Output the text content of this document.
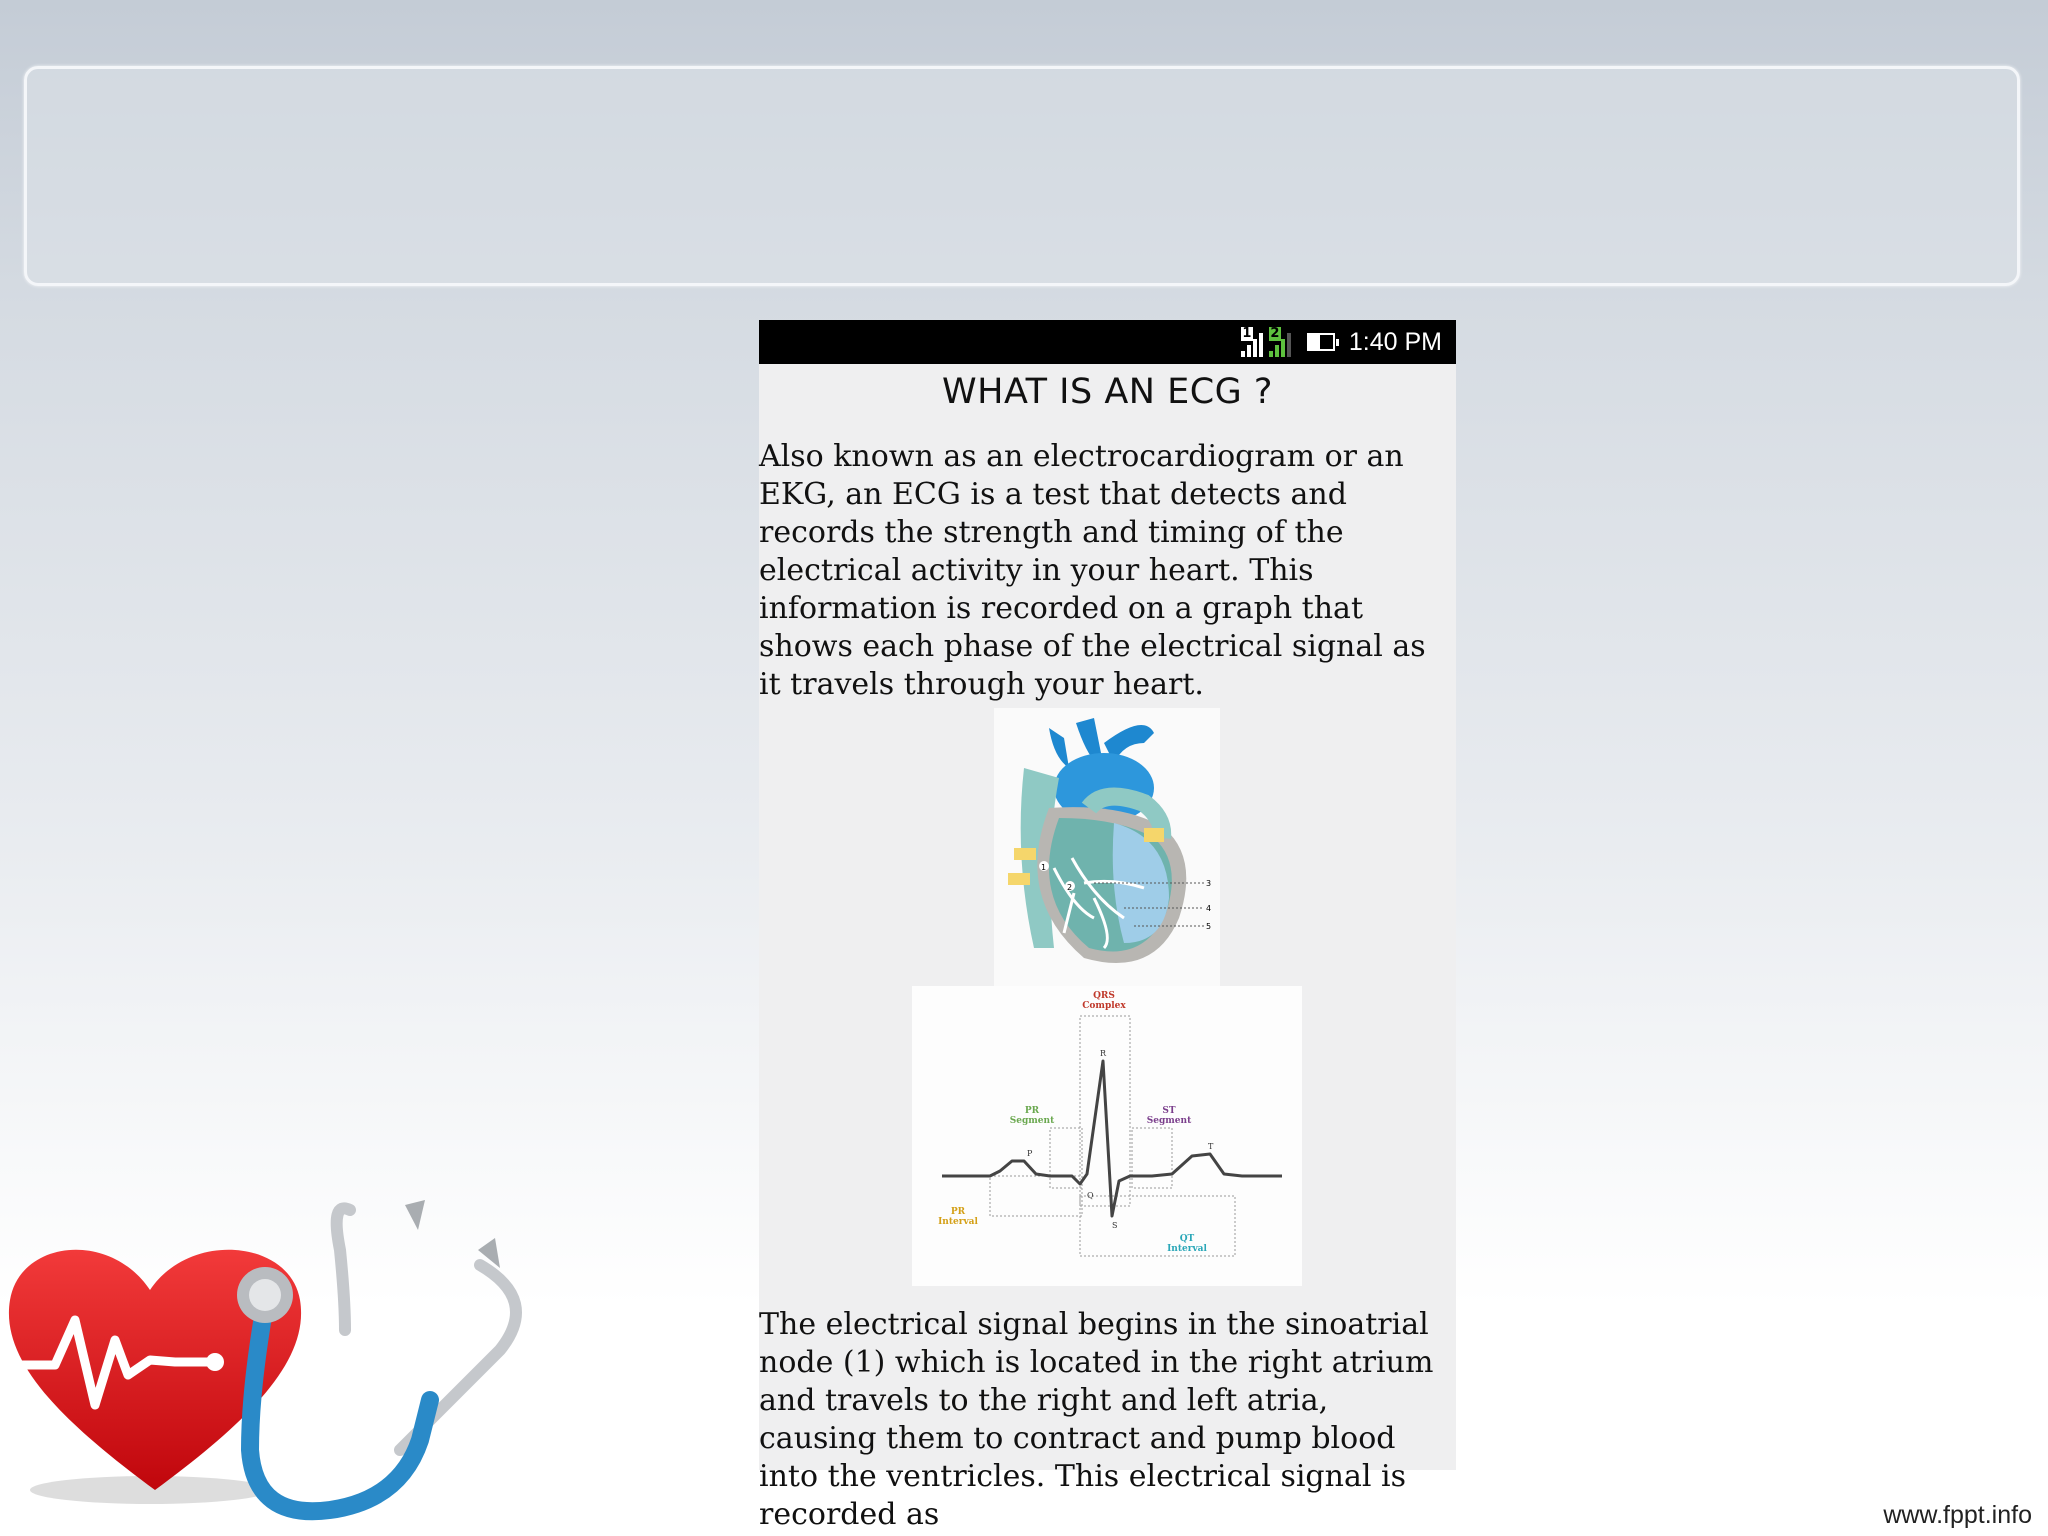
1 2	1:40 PM
WHAT IS AN ECG ?

Also known as an electrocardiogram or an EKG, an ECG is a test that detects and records the strength and timing of the electrical activity in your heart. This information is recorded on a graph that shows each phase of the electrical signal as it travels through your heart.

1
2	3
4
5
QRS
Complex
PR
Segment
ST
Segment
P
R
Q
S
T
PR
Interval
QT
Interval

The electrical signal begins in the sinoatrial node (1) which is located in the right atrium and travels to the right and left atria, causing them to contract and pump blood into the ventricles. This electrical signal is recorded as	www.fppt.info
